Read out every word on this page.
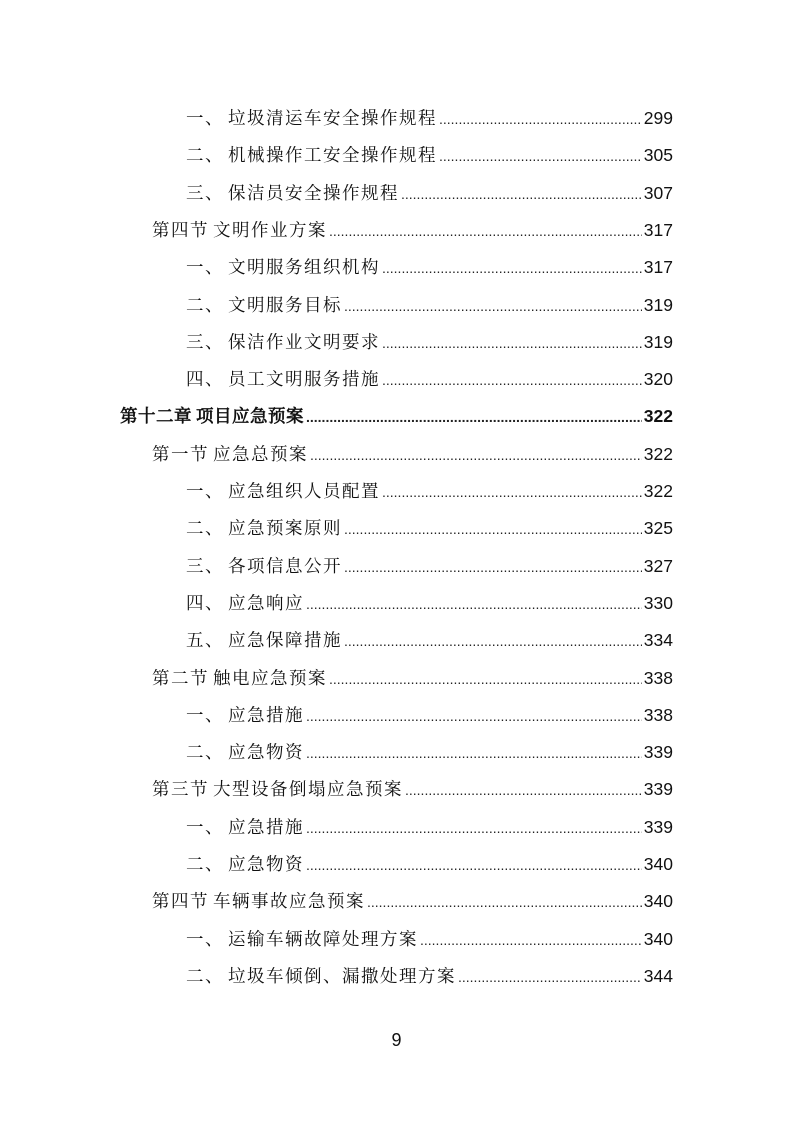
一、 垃圾清运车安全操作规程 .....	299
二、 机械操作工安全操作规程 .....	305
三、 保洁员安全操作规程 .....	307
第四节 文明作业方案 .....	317
一、 文明服务组织机构 .....	317
二、 文明服务目标 .....	319
三、 保洁作业文明要求 .....	319
四、 员工文明服务措施 .....	320
第十二章 项目应急预案 .....	322
第一节 应急总预案 .....	322
一、 应急组织人员配置 .....	322
二、 应急预案原则 .....	325
三、 各项信息公开 .....	327
四、 应急响应 .....	330
五、 应急保障措施 .....	334
第二节 触电应急预案 .....	338
一、 应急措施 .....	338
二、 应急物资 .....	339
第三节 大型设备倒塌应急预案 .....	339
一、 应急措施 .....	339
二、 应急物资 .....	340
第四节 车辆事故应急预案 .....	340
一、 运输车辆故障处理方案 .....	340
二、 垃圾车倾倒、漏撒处理方案 .....	344
9
